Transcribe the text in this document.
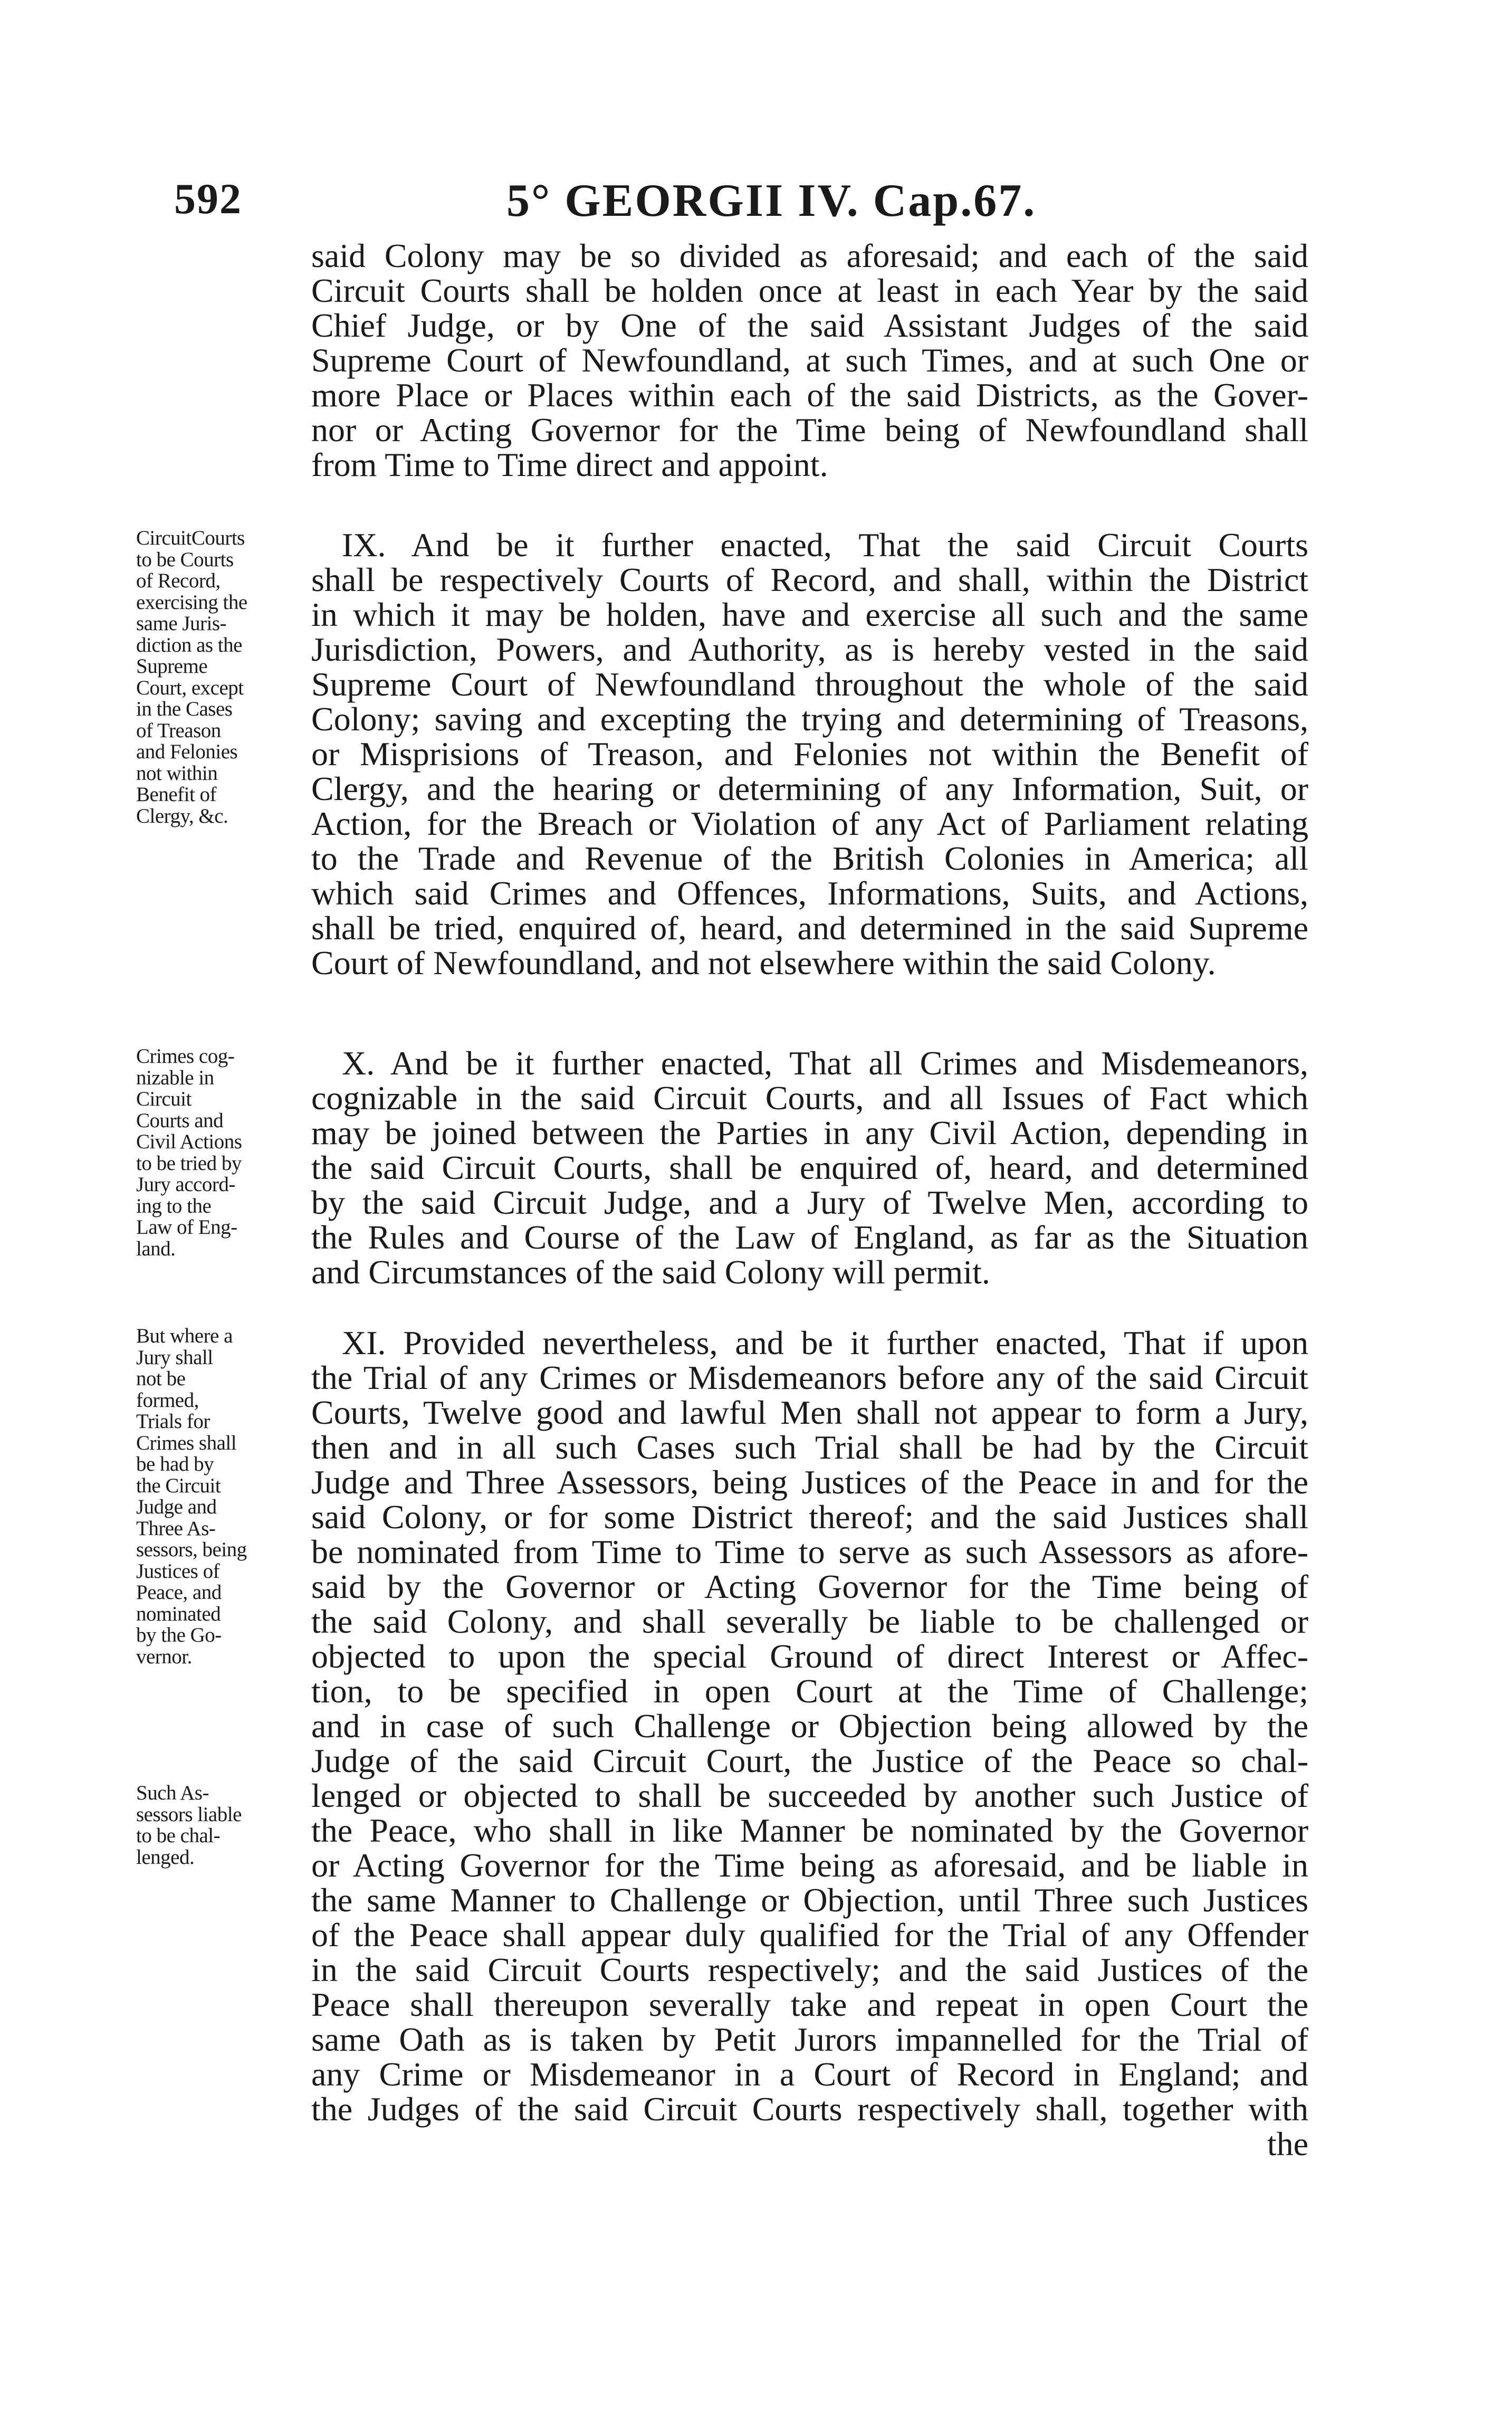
592	5° GEORGII IV. Cap.67.
said Colony may be so divided as aforesaid; and each of the said
Circuit Courts shall be holden once at least in each Year by the said
Chief Judge, or by One of the said Assistant Judges of the said
Supreme Court of Newfoundland, at such Times, and at such One or
more Place or Places within each of the said Districts, as the Gover-
nor or Acting Governor for the Time being of Newfoundland shall
from Time to Time direct and appoint.
CircuitCourts
to be Courts
of Record,
exercising the
same Juris-
diction as the
Supreme
Court, except
in the Cases
of Treason
and Felonies
not within
Benefit of
Clergy, &c.
IX. And be it further enacted, That the said Circuit Courts
shall be respectively Courts of Record, and shall, within the District
in which it may be holden, have and exercise all such and the same
Jurisdiction, Powers, and Authority, as is hereby vested in the said
Supreme Court of Newfoundland throughout the whole of the said
Colony; saving and excepting the trying and determining of Treasons,
or Misprisions of Treason, and Felonies not within the Benefit of
Clergy, and the hearing or determining of any Information, Suit, or
Action, for the Breach or Violation of any Act of Parliament relating
to the Trade and Revenue of the British Colonies in America; all
which said Crimes and Offences, Informations, Suits, and Actions,
shall be tried, enquired of, heard, and determined in the said Supreme
Court of Newfoundland, and not elsewhere within the said Colony.
Crimes cog-
nizable in
Circuit
Courts and
Civil Actions
to be tried by
Jury accord-
ing to the
Law of Eng-
land.
X. And be it further enacted, That all Crimes and Misdemeanors,
cognizable in the said Circuit Courts, and all Issues of Fact which
may be joined between the Parties in any Civil Action, depending in
the said Circuit Courts, shall be enquired of, heard, and determined
by the said Circuit Judge, and a Jury of Twelve Men, according to
the Rules and Course of the Law of England, as far as the Situation
and Circumstances of the said Colony will permit.
But where a
Jury shall
not be
formed,
Trials for
Crimes shall
be had by
the Circuit
Judge and
Three As-
sessors, being
Justices of
Peace, and
nominated
by the Go-
vernor.
Such As-
sessors liable
to be chal-
lenged.
XI. Provided nevertheless, and be it further enacted, That if upon
the Trial of any Crimes or Misdemeanors before any of the said Circuit
Courts, Twelve good and lawful Men shall not appear to form a Jury,
then and in all such Cases such Trial shall be had by the Circuit
Judge and Three Assessors, being Justices of the Peace in and for the
said Colony, or for some District thereof; and the said Justices shall
be nominated from Time to Time to serve as such Assessors as afore-
said by the Governor or Acting Governor for the Time being of
the said Colony, and shall severally be liable to be challenged or
objected to upon the special Ground of direct Interest or Affec-
tion, to be specified in open Court at the Time of Challenge;
and in case of such Challenge or Objection being allowed by the
Judge of the said Circuit Court, the Justice of the Peace so chal-
lenged or objected to shall be succeeded by another such Justice of
the Peace, who shall in like Manner be nominated by the Governor
or Acting Governor for the Time being as aforesaid, and be liable in
the same Manner to Challenge or Objection, until Three such Justices
of the Peace shall appear duly qualified for the Trial of any Offender
in the said Circuit Courts respectively; and the said Justices of the
Peace shall thereupon severally take and repeat in open Court the
same Oath as is taken by Petit Jurors impannelled for the Trial of
any Crime or Misdemeanor in a Court of Record in England; and
the Judges of the said Circuit Courts respectively shall, together with
the
